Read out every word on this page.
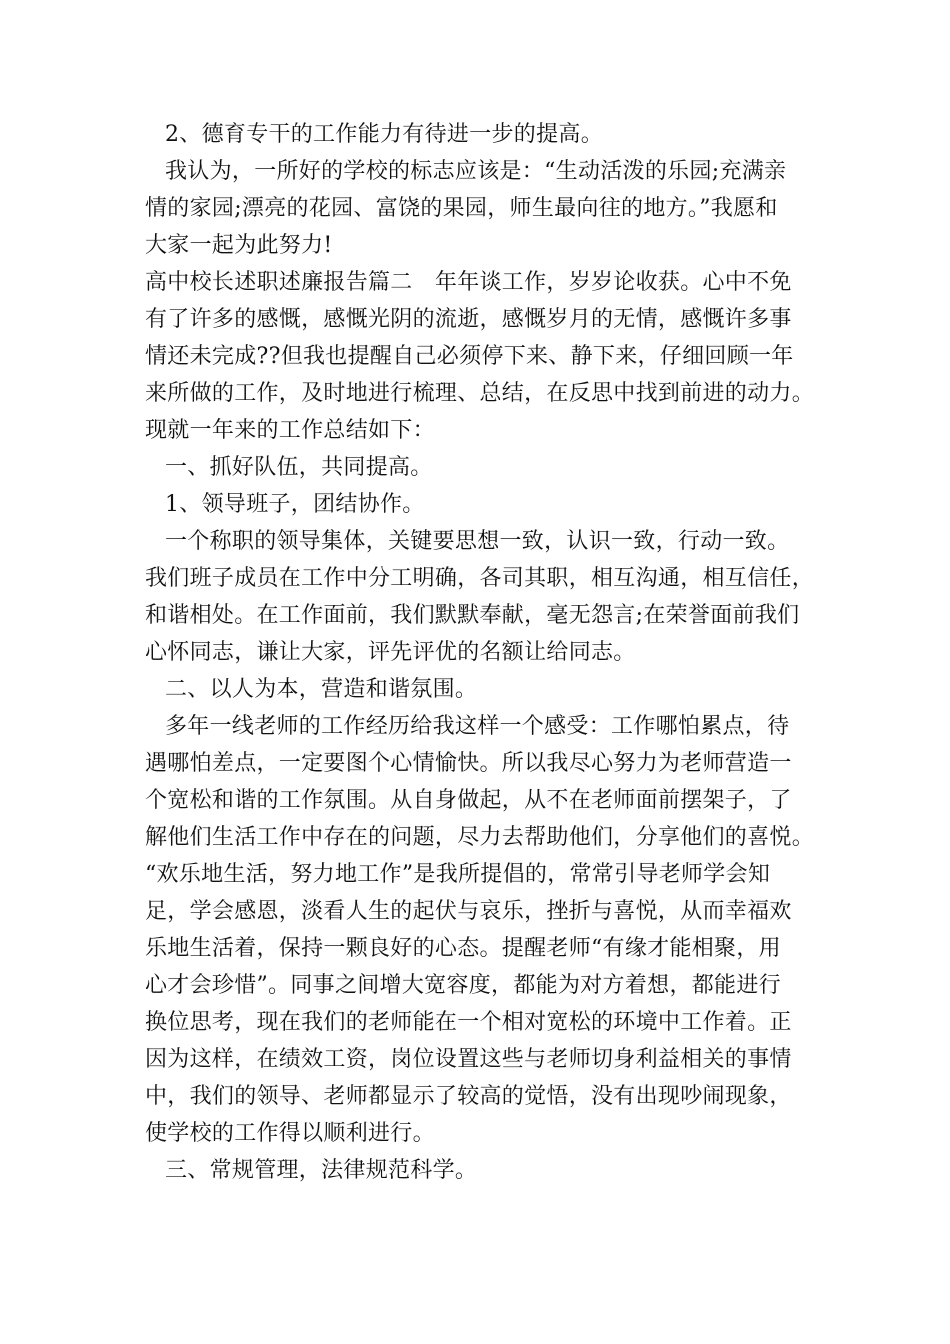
2、德育专干的工作能力有待进一步的提高。

我认为，一所好的学校的标志应该是：“生动活泼的乐园;充满亲
情的家园;漂亮的花园、富饶的果园，师生最向往的地方。”我愿和
大家一起为此努力!

高中校长述职述廉报告篇二　年年谈工作，岁岁论收获。心中不免
有了许多的感慨，感慨光阴的流逝，感慨岁月的无情，感慨许多事
情还未完成??但我也提醒自己必须停下来、静下来，仔细回顾一年
来所做的工作，及时地进行梳理、总结，在反思中找到前进的动力。
现就一年来的工作总结如下：

一、抓好队伍，共同提高。

1、领导班子，团结协作。

一个称职的领导集体，关键要思想一致，认识一致，行动一致。
我们班子成员在工作中分工明确，各司其职，相互沟通，相互信任，
和谐相处。在工作面前，我们默默奉献，毫无怨言;在荣誉面前我们
心怀同志，谦让大家，评先评优的名额让给同志。

二、以人为本，营造和谐氛围。

多年一线老师的工作经历给我这样一个感受：工作哪怕累点，待
遇哪怕差点，一定要图个心情愉快。所以我尽心努力为老师营造一
个宽松和谐的工作氛围。从自身做起，从不在老师面前摆架子，了
解他们生活工作中存在的问题，尽力去帮助他们，分享他们的喜悦。
“欢乐地生活，努力地工作”是我所提倡的，常常引导老师学会知
足，学会感恩，淡看人生的起伏与哀乐，挫折与喜悦，从而幸福欢
乐地生活着，保持一颗良好的心态。提醒老师“有缘才能相聚，用
心才会珍惜”。同事之间增大宽容度，都能为对方着想，都能进行
换位思考，现在我们的老师能在一个相对宽松的环境中工作着。正
因为这样，在绩效工资，岗位设置这些与老师切身利益相关的事情
中，我们的领导、老师都显示了较高的觉悟，没有出现吵闹现象，
使学校的工作得以顺利进行。

三、常规管理，法律规范科学。
